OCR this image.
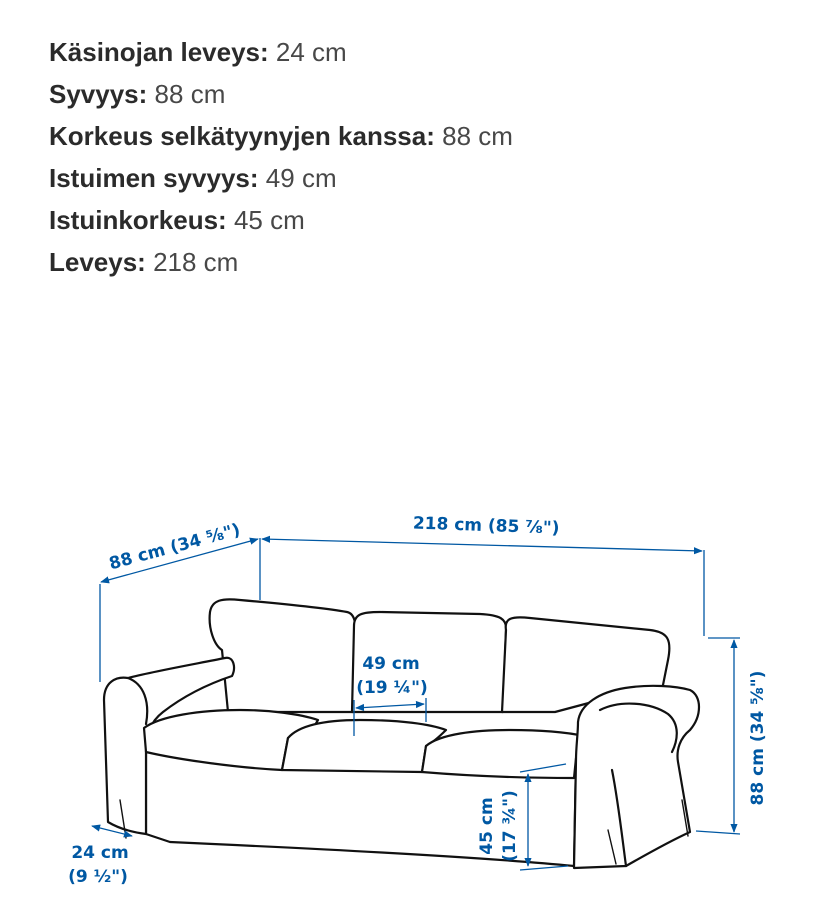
Käsinojan leveys: 24 cm
Syvyys: 88 cm
Korkeus selkätyynyjen kanssa: 88 cm
Istuimen syvyys: 49 cm
Istuinkorkeus: 45 cm
Leveys: 218 cm
218 cm (85 ⅞")
88 cm (34 ⅝")
88 cm (34 ⅝")
49 cm
(19 ¼")
45 cm (17 ¾")
24 cm
(9 ½")
